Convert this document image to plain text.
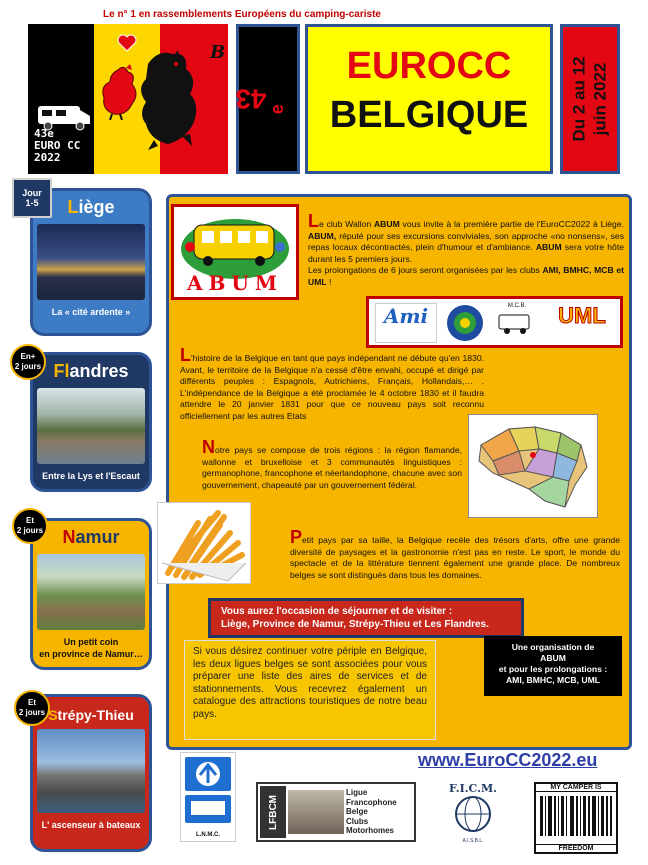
Le n° 1 en rassemblements Européens du camping-cariste
B
43e
EURO CC
2022
43 $^e$
EUROCC
BELGIQUE	Du 2 au 12 juin 2022
Liège
La « cité ardente »
Jour
1-5
Flandres
Entre la Lys et l'Escaut
En+
2 jours
Namur
Un petit coin
en province de Namur…
Et
2 jours
Strépy-Thieu
L' ascenseur à bateaux
Et
2 jours
ABUM
Le club Wallon ABUM vous invite à la première partie de l'EuroCC2022 à Liège. ABUM, réputé pour ses excursions conviviales, son approche «no nonsens», ses repas locaux décontractés, plein d'humour et d'ambiance. ABUM sera votre hôte durant les 5 premiers jours.
Les prolongations de 6 jours seront organisées par les clubs AMI, BMHC, MCB et UML !
Ami	M.C.B.	UML
L'histoire de la Belgique en tant que pays indépendant ne débute qu'en 1830. Avant, le territoire de la Belgique n'a cessé d'être envahi, occupé et dirigé par différents peuples : Espagnols, Autrichiens, Français, Hollandais,… . L'indépendance de la Belgique a été proclamée le 4 octobre 1830 et il faudra attendre le 20 janvier 1831 pour que ce nouveau pays soit reconnu officiellement par les autres Etats
Notre pays se compose de trois régions : la région flamande, wallonne et bruxelloise et 3 communautés linguistiques : germanophone, francophone et néerlandophone, chacune avec son gouvernement, chapeauté par un gouvernement fédéral.
Petit pays par sa taille, la Belgique recèle des trésors d'arts, offre une grande diversité de paysages et la gastronomie n'est pas en reste. Le sport, le monde du spectacle et de la littérature tiennent également une grande place. De nombreux belges se sont distingués dans tous les domaines.
Vous aurez l'occasion de séjourner et de visiter :
Liège, Province de Namur, Strépy-Thieu et Les Flandres.
Une organisation de
ABUM
et pour les prolongations :
AMI, BMHC, MCB, UML
Si vous désirez continuer votre périple en Belgique, les deux ligues belges se sont associées pour vous préparer une liste des aires de services et de stationnements. Vous recevrez également un catalogue des attractions touristiques de notre beau pays.
www.EuroCC2022.eu
L.N.M.C.
LFBCM
Ligue
Francophone
Belge
Clubs
Motorhomes
F.I.C.M.
A.I.S.B.L.
MY CAMPER IS
FREEDOM
